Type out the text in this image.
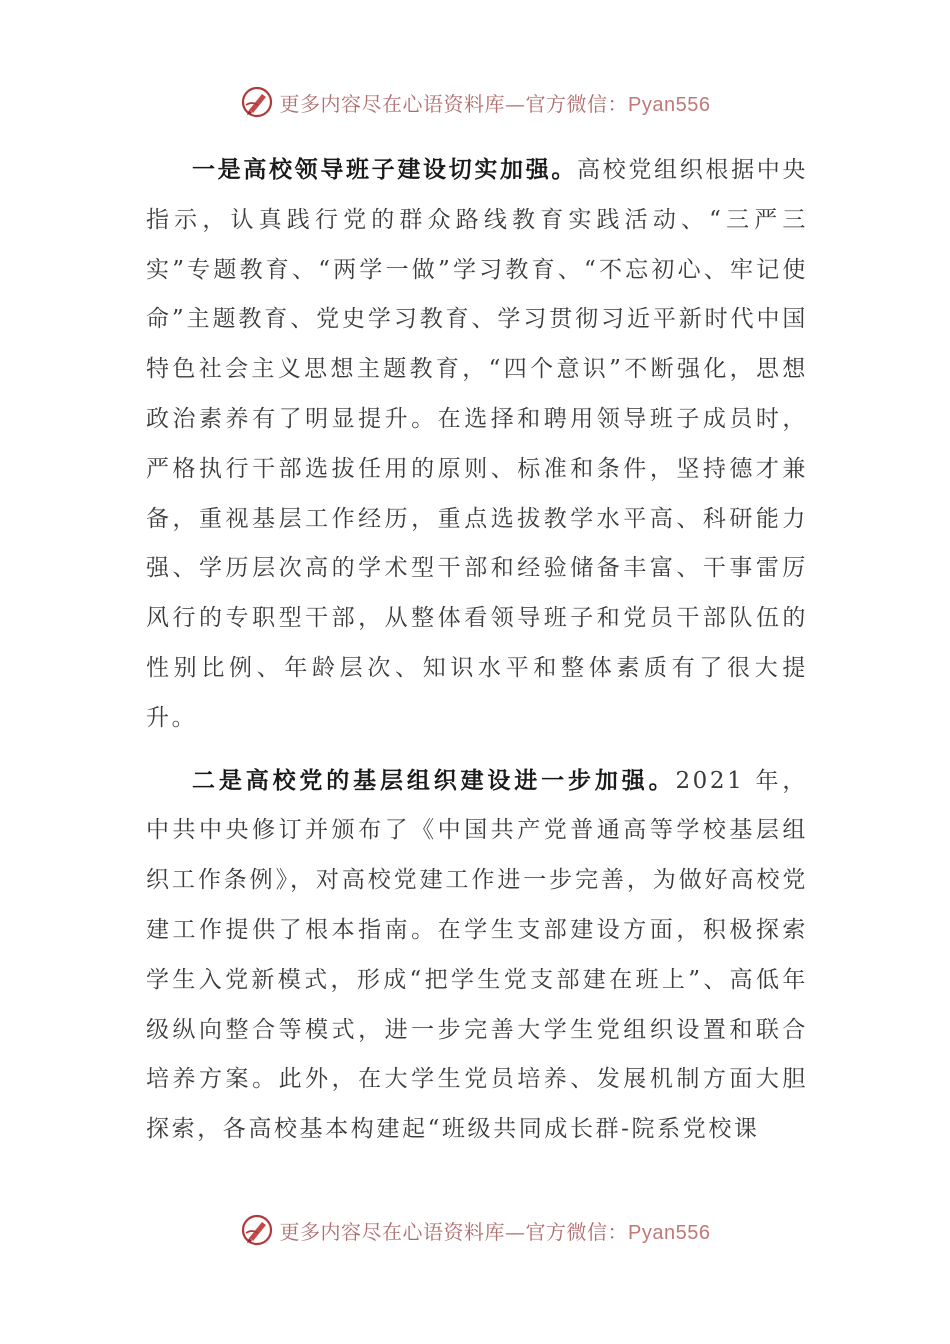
更多内容尽在心语资料库—官方微信：Pyan556

一是高校领导班子建设切实加强。高校党组织根据中央指示，认真践行党的群众路线教育实践活动、“三严三实”专题教育、“两学一做”学习教育、“不忘初心、牢记使命”主题教育、党史学习教育、学习贯彻习近平新时代中国特色社会主义思想主题教育，“四个意识”不断强化，思想政治素养有了明显提升。在选择和聘用领导班子成员时，严格执行干部选拔任用的原则、标准和条件，坚持德才兼备，重视基层工作经历，重点选拔教学水平高、科研能力强、学历层次高的学术型干部和经验储备丰富、干事雷厉风行的专职型干部，从整体看领导班子和党员干部队伍的性别比例、年龄层次、知识水平和整体素质有了很大提升。

二是高校党的基层组织建设进一步加强。2021 年，中共中央修订并颁布了《中国共产党普通高等学校基层组织工作条例》，对高校党建工作进一步完善，为做好高校党建工作提供了根本指南。在学生支部建设方面，积极探索学生入党新模式，形成“把学生党支部建在班上”、高低年级纵向整合等模式，进一步完善大学生党组织设置和联合培养方案。此外，在大学生党员培养、发展机制方面大胆探索，各高校基本构建起“班级共同成长群-院系党校课

更多内容尽在心语资料库—官方微信：Pyan556
